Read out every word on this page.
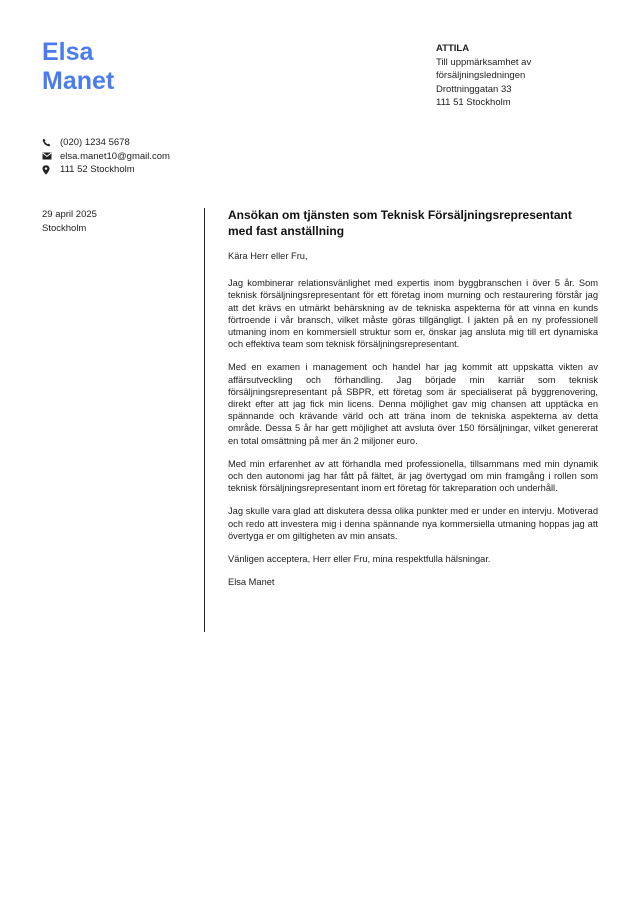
Elsa
Manet
ATTILA
Till uppmärksamhet av
försäljningsledningen
Drottninggatan 33
111 51 Stockholm
(020) 1234 5678
elsa.manet10@gmail.com
111 52 Stockholm
29 april 2025
Stockholm
Ansökan om tjänsten som Teknisk Försäljningsrepresentant med fast anställning

Kära Herr eller Fru,

Jag kombinerar relationsvänlighet med expertis inom byggbranschen i över 5 år. Som teknisk försäljningsrepresentant för ett företag inom murning och restaurering förstår jag att det krävs en utmärkt behärskning av de tekniska aspekterna för att vinna en kunds förtroende i vår bransch, vilket måste göras tillgängligt. I jakten på en ny professionell utmaning inom en kommersiell struktur som er, önskar jag ansluta mig till ert dynamiska och effektiva team som teknisk försäljningsrepresentant.

Med en examen i management och handel har jag kommit att uppskatta vikten av affärsutveckling och förhandling. Jag började min karriär som teknisk försäljningsrepresentant på SBPR, ett företag som är specialiserat på byggrenovering, direkt efter att jag fick min licens. Denna möjlighet gav mig chansen att upptäcka en spännande och krävande värld och att träna inom de tekniska aspekterna av detta område. Dessa 5 år har gett möjlighet att avsluta över 150 försäljningar, vilket genererat en total omsättning på mer än 2 miljoner euro.

Med min erfarenhet av att förhandla med professionella, tillsammans med min dynamik och den autonomi jag har fått på fältet, är jag övertygad om min framgång i rollen som teknisk försäljningsrepresentant inom ert företag för takreparation och underhåll.

Jag skulle vara glad att diskutera dessa olika punkter med er under en intervju. Motiverad och redo att investera mig i denna spännande nya kommersiella utmaning hoppas jag att övertyga er om giltigheten av min ansats.

Vänligen acceptera, Herr eller Fru, mina respektfulla hälsningar.

Elsa Manet
